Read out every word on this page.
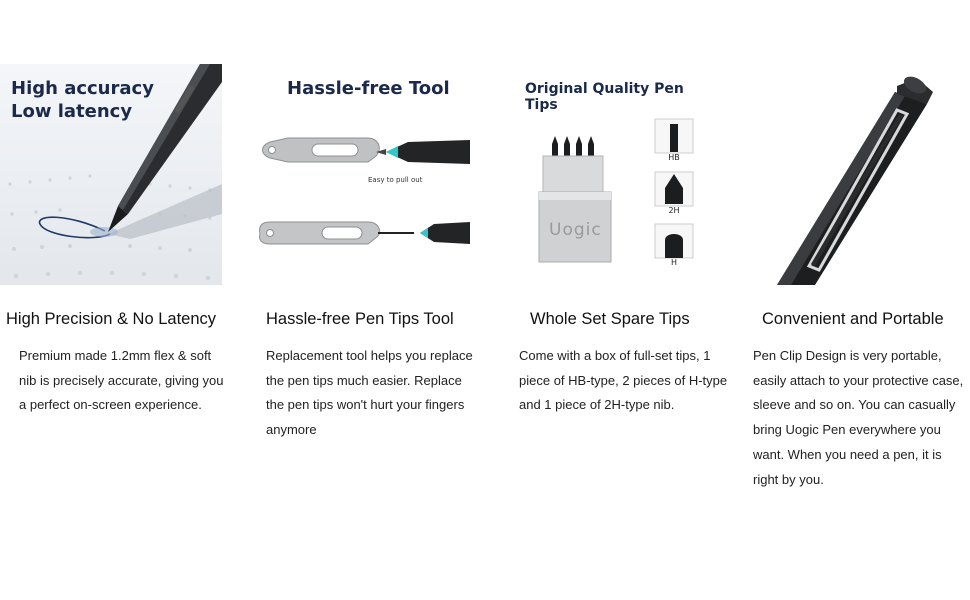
High accuracy
Low latency
High Precision & No Latency
Premium made 1.2mm flex & soft
nib is precisely accurate, giving you
a perfect on-screen experience.
Hassle-free Tool
Easy to pull out
Hassle-free Pen Tips Tool
Replacement tool helps you replace
the pen tips much easier. Replace
the pen tips won't hurt your fingers
anymore
Original Quality Pen Tips
Uogic
HB
2H
H
Whole Set Spare Tips
Come with a box of full-set tips, 1
piece of HB-type, 2 pieces of H-type
and 1 piece of 2H-type nib.
Convenient and Portable
Pen Clip Design is very portable,
easily attach to your protective case,
sleeve and so on. You can casually
bring Uogic Pen everywhere you
want. When you need a pen, it is
right by you.
